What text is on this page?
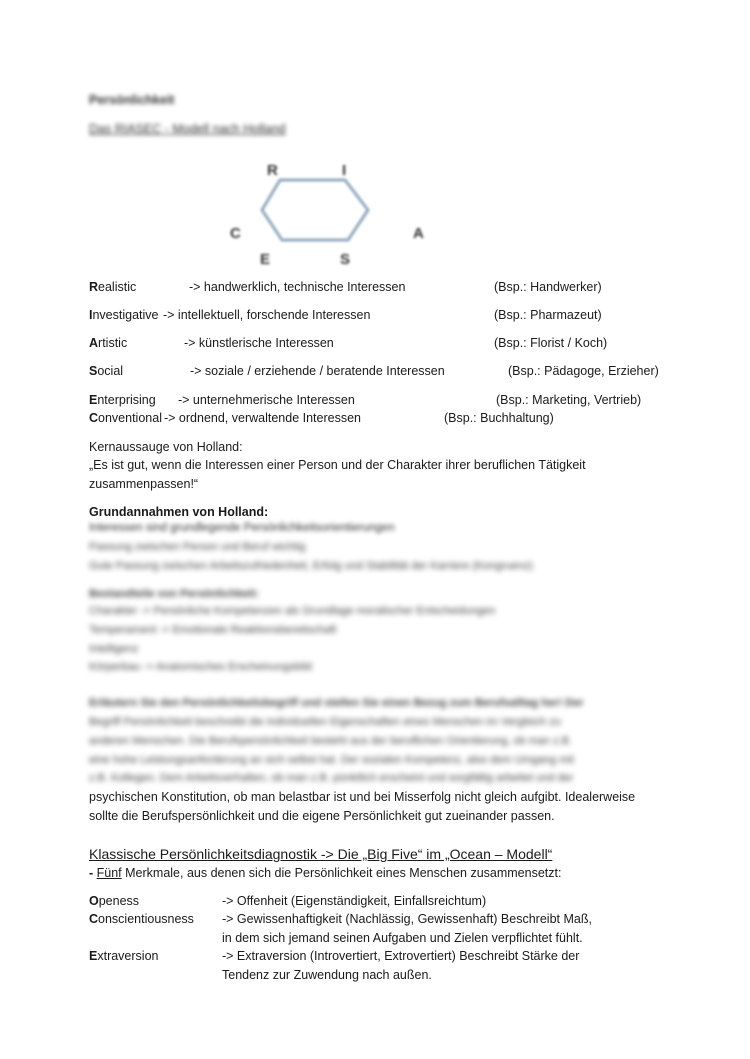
Persönlichkeit
Das RIASEC - Modell nach Holland
R	I
C	A
E	S
Realistic	-> handwerklich, technische Interessen	(Bsp.: Handwerker)
Investigative -> intellektuell, forschende Interessen	(Bsp.: Pharmazeut)
Artistic	-> künstlerische Interessen	(Bsp.: Florist / Koch)
Social	-> soziale / erziehende / beratende Interessen	(Bsp.: Pädagoge, Erzieher)
Enterprising -> unternehmerische Interessen	(Bsp.: Marketing, Vertrieb)
Conventional -> ordnend, verwaltende Interessen	(Bsp.: Buchhaltung)
Kernaussauge von Holland:
„Es ist gut, wenn die Interessen einer Person und der Charakter ihrer beruflichen Tätigkeit
zusammenpassen!“
Grundannahmen von Holland:
Interessen sind grundlegende Persönlichkeitsorientierungen
Passung zwischen Person und Beruf wichtig
Gute Passung zwischen Arbeitszufriedenheit, Erfolg und Stabilität der Karriere (Kongruenz)
Bestandteile von Persönlichkeit:
Charakter -> Persönliche Kompetenzen als Grundlage moralischer Entscheidungen
Temperament -> Emotionale Reaktionsbereitschaft
Intelligenz
Körperbau -> Anatomisches Erscheinungsbild
Erläutern Sie den Persönlichkeitsbegriff und stellen Sie einen Bezug zum Berufsalltag her! Der
Begriff Persönlichkeit beschreibt die individuellen Eigenschaften eines Menschen im Vergleich zu
anderen Menschen. Die Berufspersönlichkeit besteht aus der beruflichen Orientierung, ob man z.B.
eine hohe Leistungsanforderung an sich selbst hat. Der sozialen Kompetenz, also dem Umgang mit
z.B. Kollegen. Dem Arbeitsverhalten, ob man z.B. pünktlich erscheint und sorgfältig arbeitet und der
psychischen Konstitution, ob man belastbar ist und bei Misserfolg nicht gleich aufgibt. Idealerweise
sollte die Berufspersönlichkeit und die eigene Persönlichkeit gut zueinander passen.
Klassische Persönlichkeitsdiagnostik -> Die „Big Five“ im „Ocean – Modell“
- Fünf Merkmale, aus denen sich die Persönlichkeit eines Menschen zusammensetzt:
Openess	-> Offenheit (Eigenständigkeit, Einfallsreichtum)
Conscientiousness -> Gewissenhaftigkeit (Nachlässig, Gewissenhaft) Beschreibt Maß,
in dem sich jemand seinen Aufgaben und Zielen verpflichtet fühlt.
Extraversion	-> Extraversion (Introvertiert, Extrovertiert) Beschreibt Stärke der
Tendenz zur Zuwendung nach außen.
